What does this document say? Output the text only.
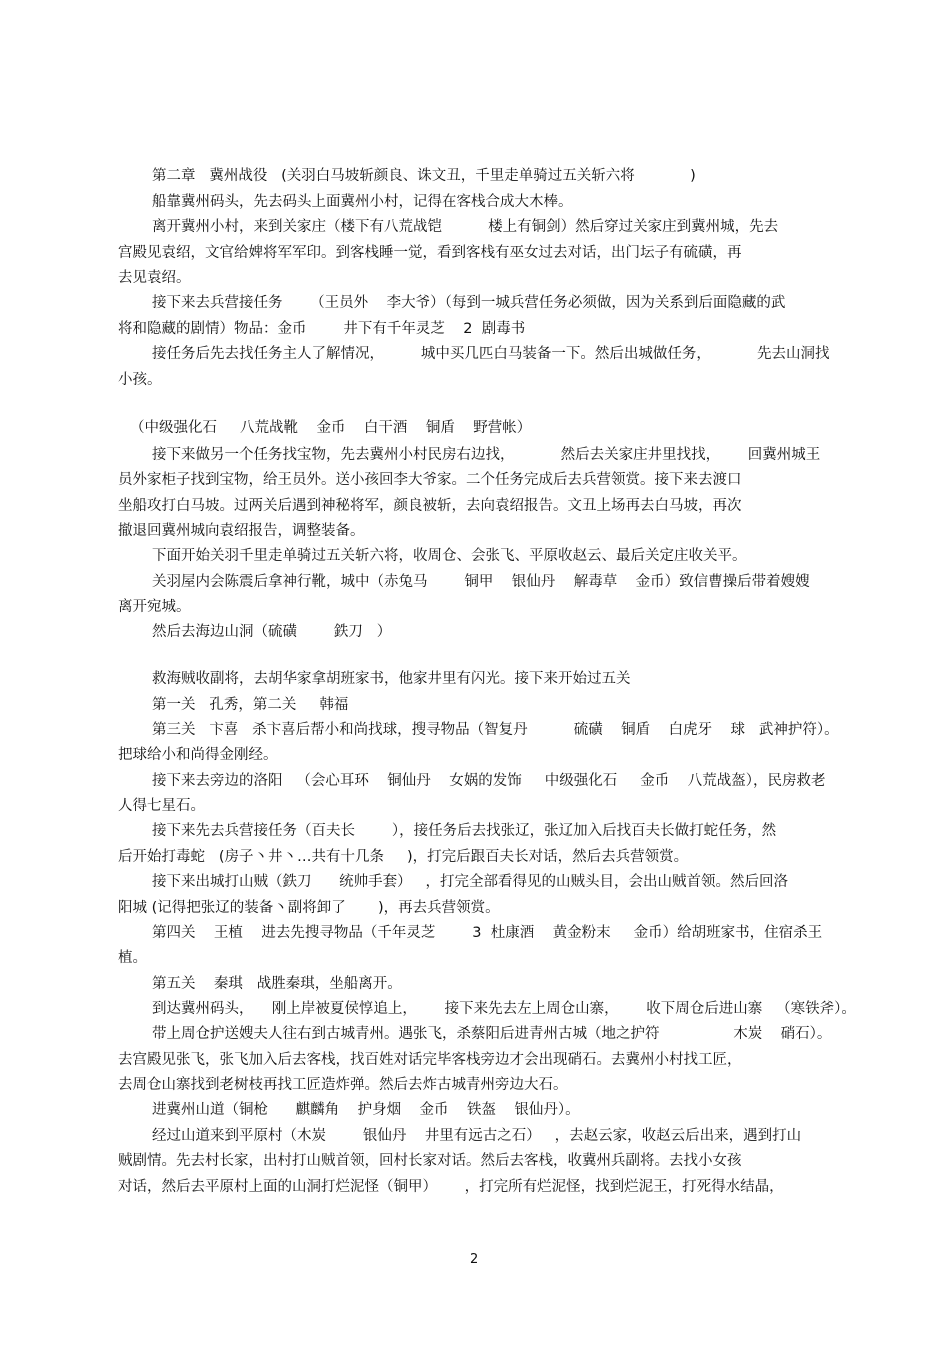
第二章   冀州战役   (关羽白马坡斩颜良、诛文丑，千里走单骑过五关斩六将            )
船靠冀州码头，先去码头上面冀州小村，记得在客栈合成大木棒。
离开冀州小村，来到关家庄（楼下有八荒战铠          楼上有铜剑）然后穿过关家庄到冀州城，先去
宫殿见袁绍，文官给婢将军军印。到客栈睡一觉，看到客栈有巫女过去对话，出门坛子有硫磺，再
去见袁绍。
接下来去兵营接任务      （王员外    李大爷）（每到一城兵营任务必须做，因为关系到后面隐藏的武
将和隐藏的剧情）物品：金币        井下有千年灵芝    2  剧毒书
接任务后先去找任务主人了解情况，        城中买几匹白马装备一下。然后出城做任务，          先去山洞找
小孩。
（中级强化石     八荒战靴    金币    白干酒    铜盾    野营帐）
接下来做另一个任务找宝物，先去冀州小村民房右边找，          然后去关家庄井里找找，      回冀州城王
员外家柜子找到宝物，给王员外。送小孩回李大爷家。二个任务完成后去兵营领赏。接下来去渡口
坐船攻打白马坡。过两关后遇到神秘将军，颜良被斩，去向袁绍报告。文丑上场再去白马坡，再次
撤退回冀州城向袁绍报告，调整装备。
下面开始关羽千里走单骑过五关斩六将，收周仓、会张飞、平原收赵云、最后关定庄收关平。
关羽屋内会陈震后拿神行靴，城中（赤兔马        铜甲    银仙丹    解毒草    金币）致信曹操后带着嫂嫂
离开宛城。
然后去海边山洞（硫磺        鉄刀   ）
救海贼收副将，去胡华家拿胡班家书，他家井里有闪光。接下来开始过五关
第一关   孔秀，第二关     韩福
第三关   卞喜   杀卞喜后帮小和尚找球，搜寻物品（智复丹          硫磺    铜盾    白虎牙    球   武神护符）。
把球给小和尚得金刚经。
接下来去旁边的洛阳   （会心耳环    铜仙丹    女娲的发饰     中级强化石     金币    八荒战盔），民房救老
人得七星石。
接下来先去兵营接任务（百夫长        ），接任务后去找张辽，张辽加入后找百夫长做打蛇任务，然
后开始打毒蛇   (房子丶井丶…共有十几条     )，打完后跟百夫长对话，然后去兵营领赏。
接下来出城打山贼（鉄刀      统帅手套）   ，打完全部看得见的山贼头目，会出山贼首领。然后回洛
阳城 (记得把张辽的装备丶副将卸了       )，再去兵营领赏。
第四关    王植    进去先搜寻物品（千年灵芝        3  杜康酒    黄金粉末     金币）给胡班家书，住宿杀王
植。
第五关    秦琪   战胜秦琪，坐船离开。
到达冀州码头，    刚上岸被夏侯惇追上，      接下来先去左上周仓山寨，      收下周仓后进山寨   （寒铁斧）。
带上周仓护送嫂夫人往右到古城青州。遇张飞，杀蔡阳后进青州古城（地之护符                木炭    硝石）。
去宫殿见张飞，张飞加入后去客栈，找百姓对话完毕客栈旁边才会出现硝石。去冀州小村找工匠，
去周仓山寨找到老树枝再找工匠造炸弹。然后去炸古城青州旁边大石。
进冀州山道（铜枪      麒麟角    护身烟    金币    铁盔    银仙丹）。
经过山道来到平原村（木炭        银仙丹    井里有远古之石）   ，去赵云家，收赵云后出来，遇到打山
贼剧情。先去村长家，出村打山贼首领，回村长家对话。然后去客栈，收冀州兵副将。去找小女孩
对话，然后去平原村上面的山洞打烂泥怪（铜甲）      ，打完所有烂泥怪，找到烂泥王，打死得水结晶，
2
